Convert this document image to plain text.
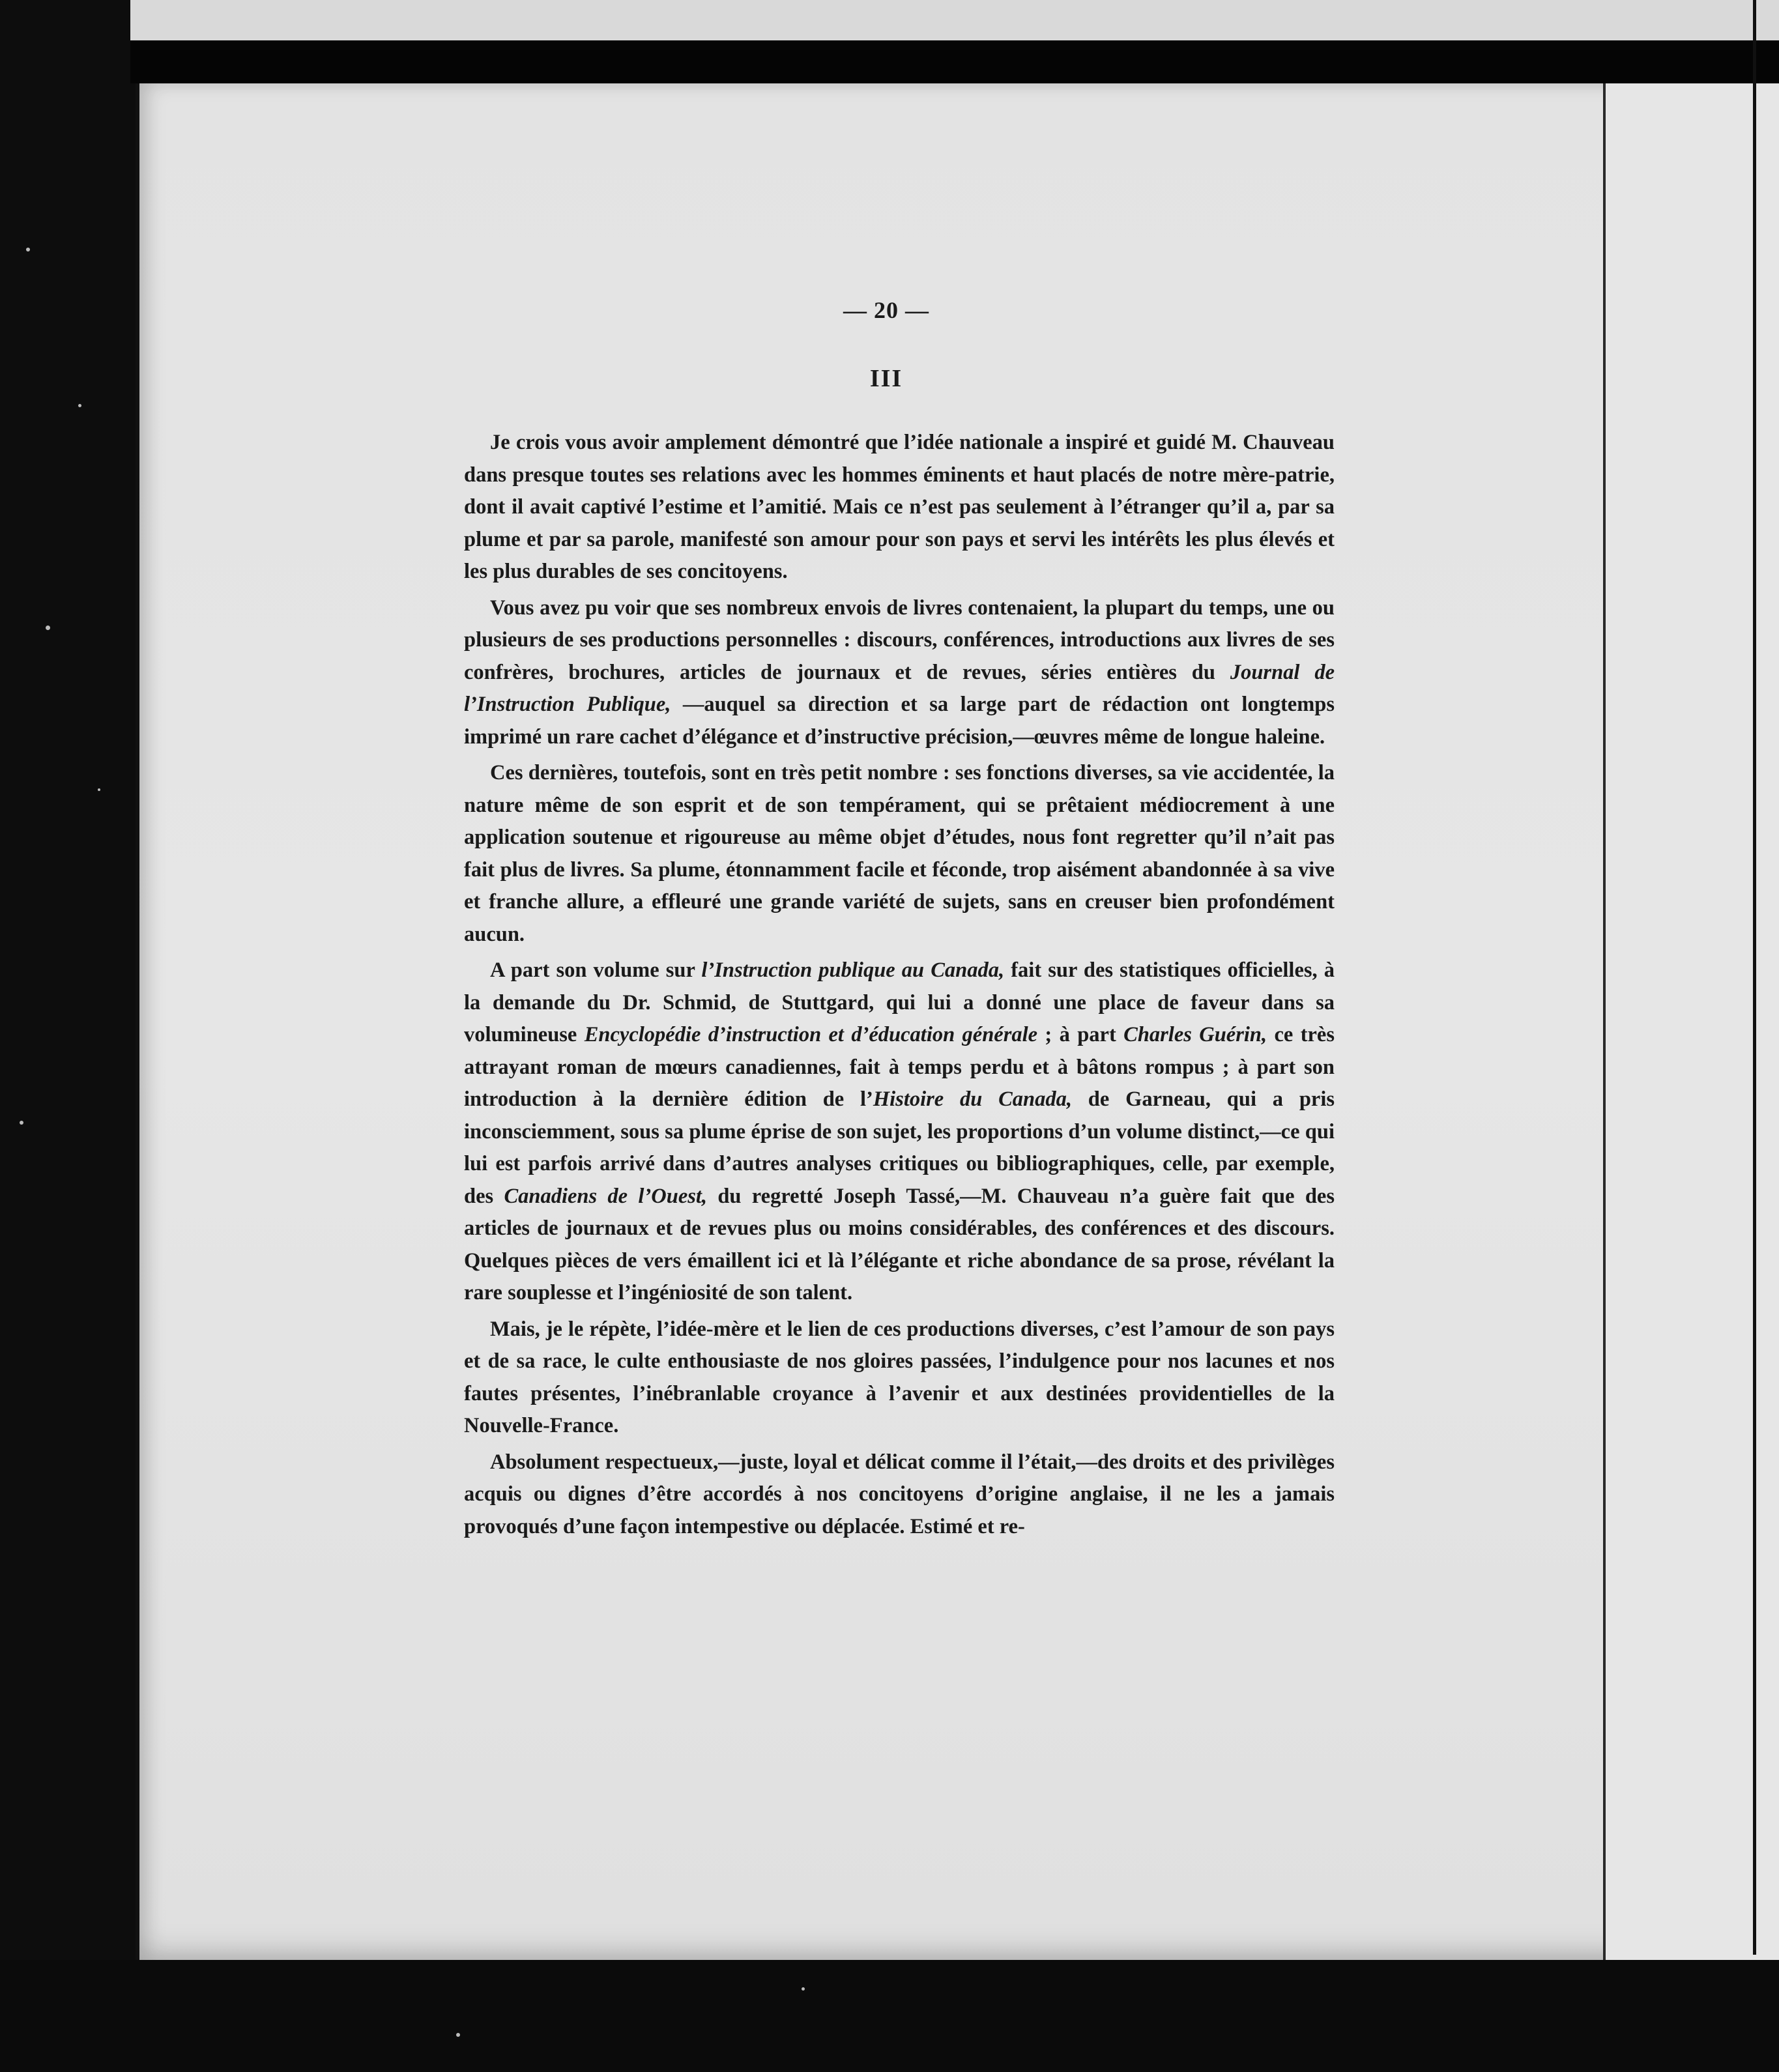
— 20 —
III

Je crois vous avoir amplement démontré que l’idée nationale a inspiré et guidé M. Chauveau dans presque toutes ses relations avec les hommes éminents et haut placés de notre mère-patrie, dont il avait captivé l’estime et l’amitié. Mais ce n’est pas seulement à l’étranger qu’il a, par sa plume et par sa parole, manifesté son amour pour son pays et servi les intérêts les plus élevés et les plus durables de ses concitoyens.

Vous avez pu voir que ses nombreux envois de livres contenaient, la plupart du temps, une ou plusieurs de ses productions personnelles : discours, conférences, introductions aux livres de ses confrères, brochures, articles de journaux et de revues, séries entières du Journal de l’Instruction Publique, —auquel sa direction et sa large part de rédaction ont longtemps imprimé un rare cachet d’élégance et d’instructive précision,—œuvres même de longue haleine.

Ces dernières, toutefois, sont en très petit nombre : ses fonctions diverses, sa vie accidentée, la nature même de son esprit et de son tempérament, qui se prêtaient médiocrement à une application soutenue et rigoureuse au même objet d’études, nous font regretter qu’il n’ait pas fait plus de livres. Sa plume, étonnamment facile et féconde, trop aisément abandonnée à sa vive et franche allure, a effleuré une grande variété de sujets, sans en creuser bien profondément aucun.

A part son volume sur l’Instruction publique au Canada, fait sur des statistiques officielles, à la demande du Dr. Schmid, de Stuttgard, qui lui a donné une place de faveur dans sa volumineuse Encyclopédie d’instruction et d’éducation générale ; à part Charles Guérin, ce très attrayant roman de mœurs canadiennes, fait à temps perdu et à bâtons rompus ; à part son introduction à la dernière édition de l’Histoire du Canada, de Garneau, qui a pris inconsciemment, sous sa plume éprise de son sujet, les proportions d’un volume distinct,—ce qui lui est parfois arrivé dans d’autres analyses critiques ou bibliographiques, celle, par exemple, des Canadiens de l’Ouest, du regretté Joseph Tassé,—M. Chauveau n’a guère fait que des articles de journaux et de revues plus ou moins considérables, des conférences et des discours. Quelques pièces de vers émaillent ici et là l’élégante et riche abondance de sa prose, révélant la rare souplesse et l’ingéniosité de son talent.

Mais, je le répète, l’idée-mère et le lien de ces productions diverses, c’est l’amour de son pays et de sa race, le culte enthousiaste de nos gloires passées, l’indulgence pour nos lacunes et nos fautes présentes, l’inébranlable croyance à l’avenir et aux destinées providentielles de la Nouvelle-France.

Absolument respectueux,—juste, loyal et délicat comme il l’était,—des droits et des privilèges acquis ou dignes d’être accordés à nos concitoyens d’origine anglaise, il ne les a jamais provoqués d’une façon intempestive ou déplacée. Estimé et re-
